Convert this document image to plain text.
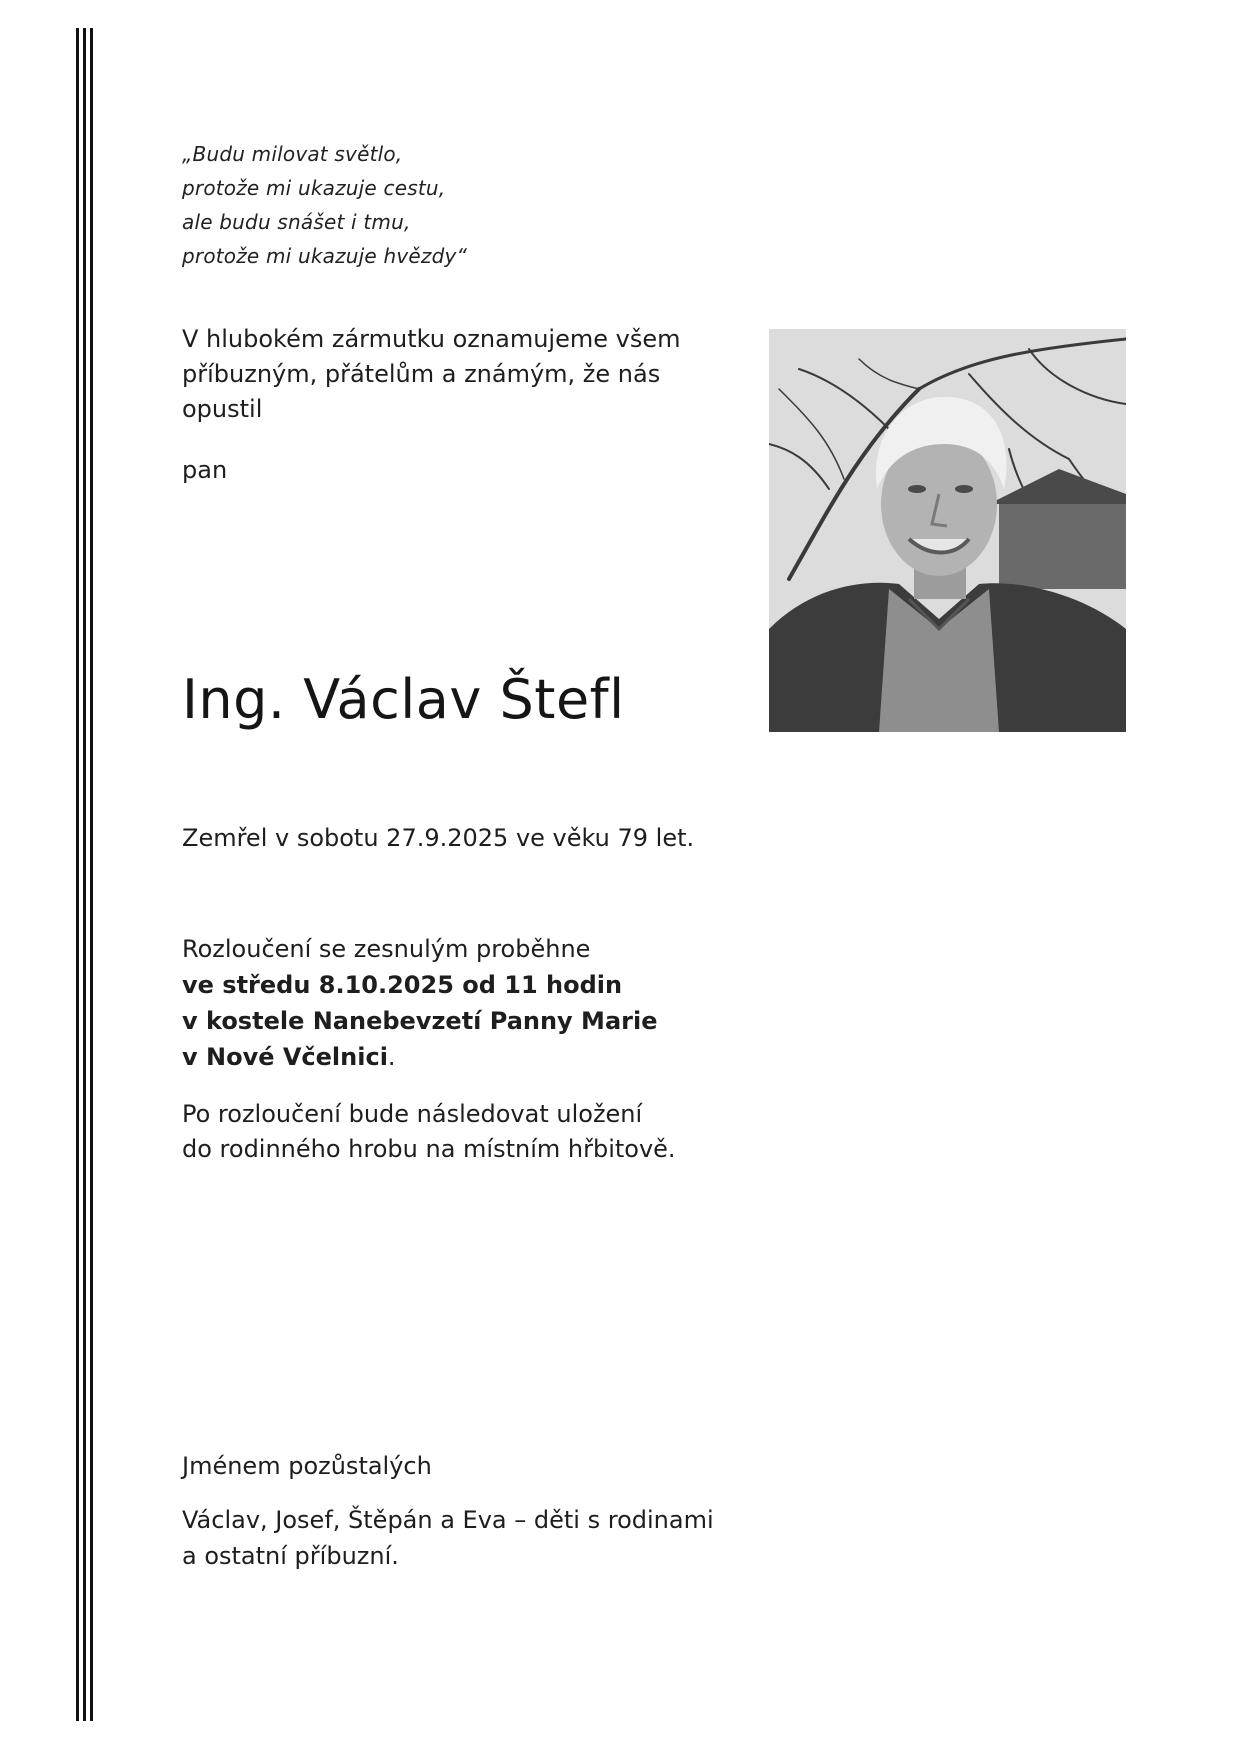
„Budu milovat světlo,
protože mi ukazuje cestu,
ale budu snášet i tmu,
protože mi ukazuje hvězdy“
V hlubokém zármutku oznamujeme všem
příbuzným, přátelům a známým, že nás
opustil
pan
Ing. Václav Štefl
Zemřel v sobotu 27.9.2025 ve věku 79 let.
Rozloučení se zesnulým proběhne
ve středu 8.10.2025 od 11 hodin
v kostele Nanebevzetí Panny Marie
v Nové Včelnici.
Po rozloučení bude následovat uložení
do rodinného hrobu na místním hřbitově.
Jménem pozůstalých
Václav, Josef, Štěpán a Eva – děti s rodinami
a ostatní příbuzní.
